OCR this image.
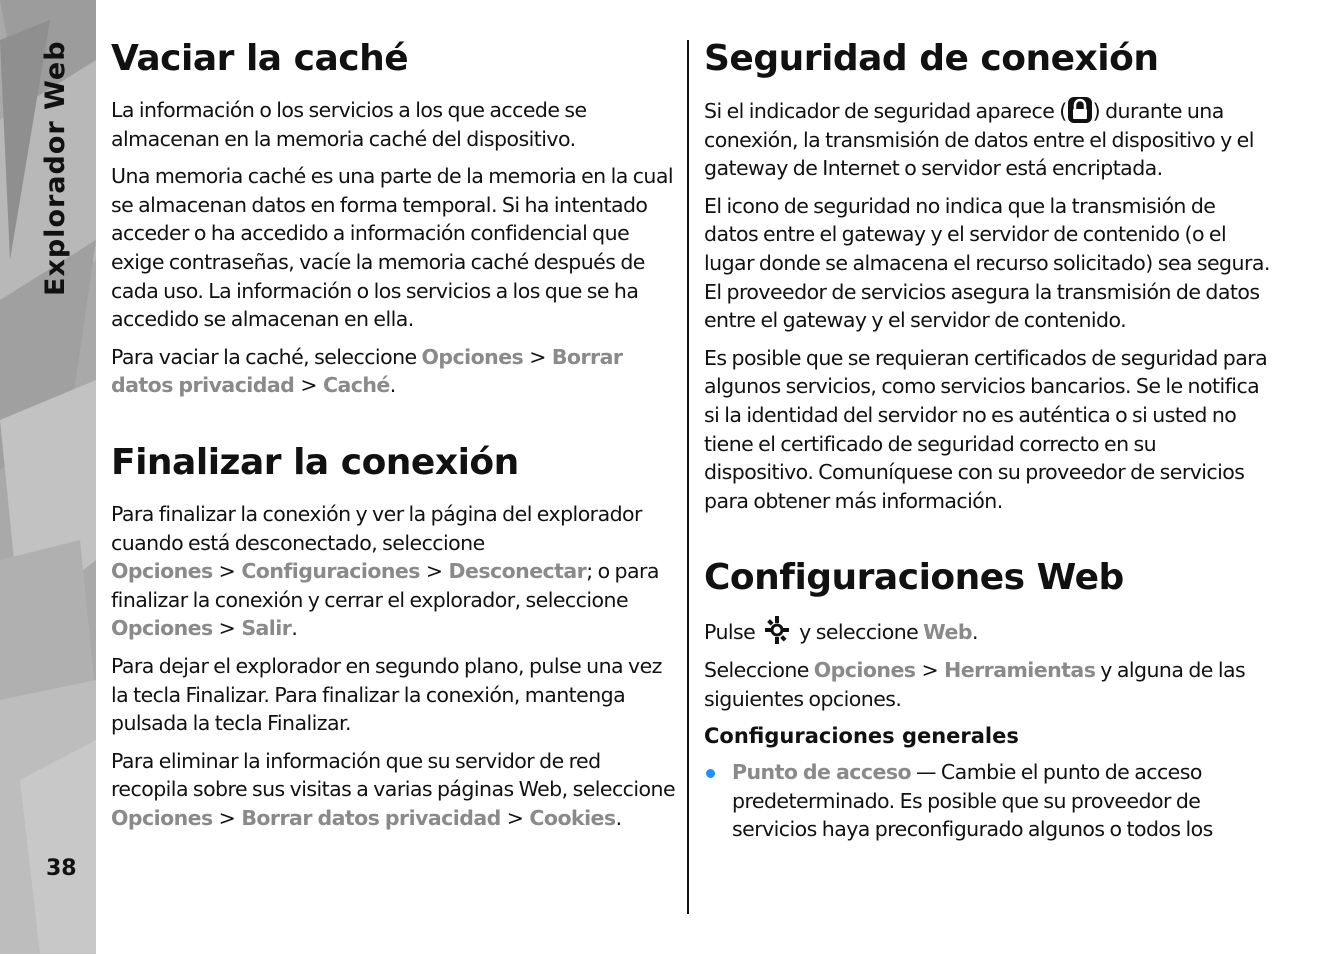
Explorador Web
38
Vaciar la caché

La información o los servicios a los que accede se almacenan en la memoria caché del dispositivo.

Una memoria caché es una parte de la memoria en la cual se almacenan datos en forma temporal. Si ha intentado acceder o ha accedido a información confidencial que exige contraseñas, vacíe la memoria caché después de cada uso. La información o los servicios a los que se ha accedido se almacenan en ella.

Para vaciar la caché, seleccione Opciones > Borrar datos privacidad > Caché.

Finalizar la conexión

Para finalizar la conexión y ver la página del explorador cuando está desconectado, seleccione Opciones > Configuraciones > Desconectar; o para finalizar la conexión y cerrar el explorador, seleccione Opciones > Salir.

Para dejar el explorador en segundo plano, pulse una vez la tecla Finalizar. Para finalizar la conexión, mantenga pulsada la tecla Finalizar.

Para eliminar la información que su servidor de red recopila sobre sus visitas a varias páginas Web, seleccione Opciones > Borrar datos privacidad > Cookies.

Seguridad de conexión

Si el indicador de seguridad aparece ( ) durante una conexión, la transmisión de datos entre el dispositivo y el gateway de Internet o servidor está encriptada.

El icono de seguridad no indica que la transmisión de datos entre el gateway y el servidor de contenido (o el lugar donde se almacena el recurso solicitado) sea segura. El proveedor de servicios asegura la transmisión de datos entre el gateway y el servidor de contenido.

Es posible que se requieran certificados de seguridad para algunos servicios, como servicios bancarios. Se le notifica si la identidad del servidor no es auténtica o si usted no tiene el certificado de seguridad correcto en su dispositivo. Comuníquese con su proveedor de servicios para obtener más información.

Configuraciones Web

Pulse  y seleccione Web.

Seleccione Opciones > Herramientas y alguna de las siguientes opciones.

Configuraciones generales

Punto de acceso — Cambie el punto de acceso predeterminado. Es posible que su proveedor de servicios haya preconfigurado algunos o todos los
